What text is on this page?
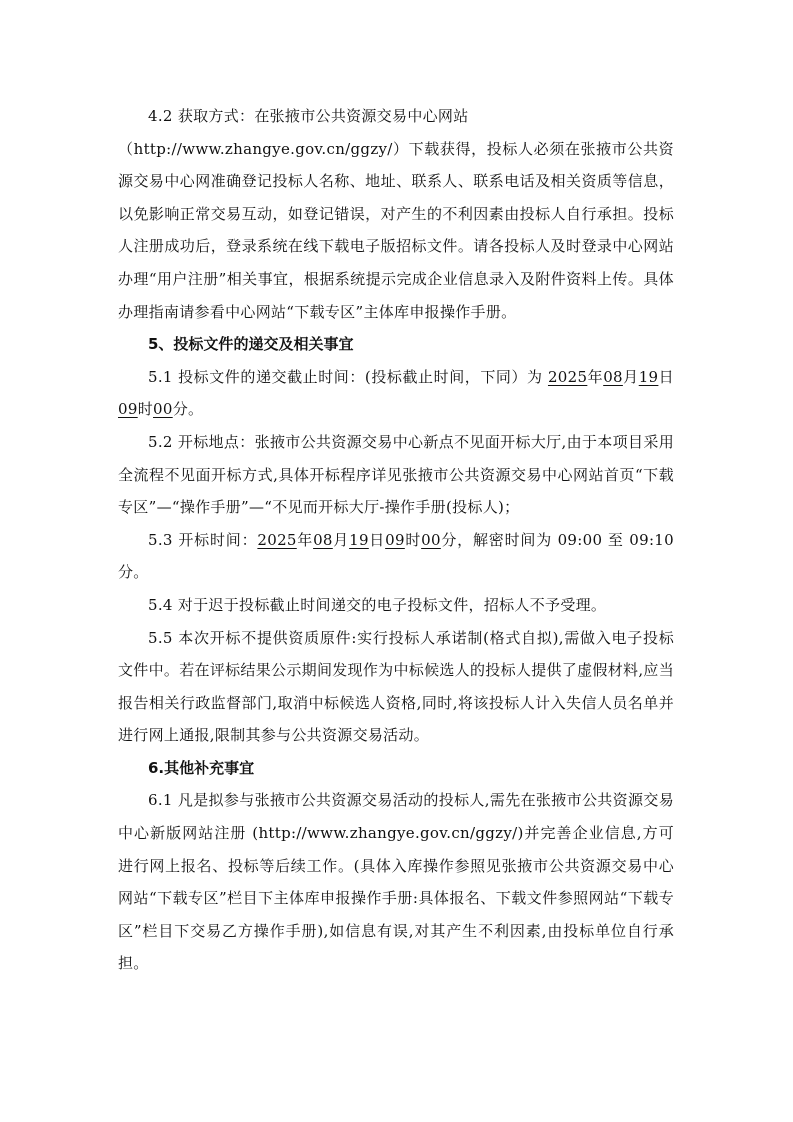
4.2 获取方式：在张掖市公共资源交易中心网站

（http://www.zhangye.gov.cn/ggzy/）下载获得，投标人必须在张掖市公共资源交易中心网准确登记投标人名称、地址、联系人、联系电话及相关资质等信息，以免影响正常交易互动，如登记错误，对产生的不利因素由投标人自行承担。投标人注册成功后，登录系统在线下载电子版招标文件。请各投标人及时登录中心网站办理“用户注册”相关事宜，根据系统提示完成企业信息录入及附件资料上传。具体办理指南请参看中心网站“下载专区”主体库申报操作手册。

5、投标文件的递交及相关事宜

5.1 投标文件的递交截止时间：(投标截止时间，下同）为 2025年08月19日09时00分。

5.2 开标地点：张掖市公共资源交易中心新点不见面开标大厅,由于本项目采用全流程不见面开标方式,具体开标程序详见张掖市公共资源交易中心网站首页“下载专区”—“操作手册”—“不见而开标大厅-操作手册(投标人)；

5.3 开标时间：2025年08月19日09时00分，解密时间为 09:00 至 09:10 分。

5.4 对于迟于投标截止时间递交的电子投标文件，招标人不予受理。

5.5 本次开标不提供资质原件:实行投标人承诺制(格式自拟),需做入电子投标文件中。若在评标结果公示期间发现作为中标候选人的投标人提供了虚假材料,应当报告相关行政监督部门,取消中标候选人资格,同时,将该投标人计入失信人员名单并进行网上通报,限制其参与公共资源交易活动。

6.其他补充事宜

6.1 凡是拟参与张掖市公共资源交易活动的投标人,需先在张掖市公共资源交易中心新版网站注册 (http://www.zhangye.gov.cn/ggzy/)并完善企业信息,方可进行网上报名、投标等后续工作。(具体入库操作参照见张掖市公共资源交易中心网站“下载专区”栏目下主体库申报操作手册:具体报名、下载文件参照网站“下载专区”栏目下交易乙方操作手册),如信息有误,对其产生不利因素,由投标单位自行承担。
